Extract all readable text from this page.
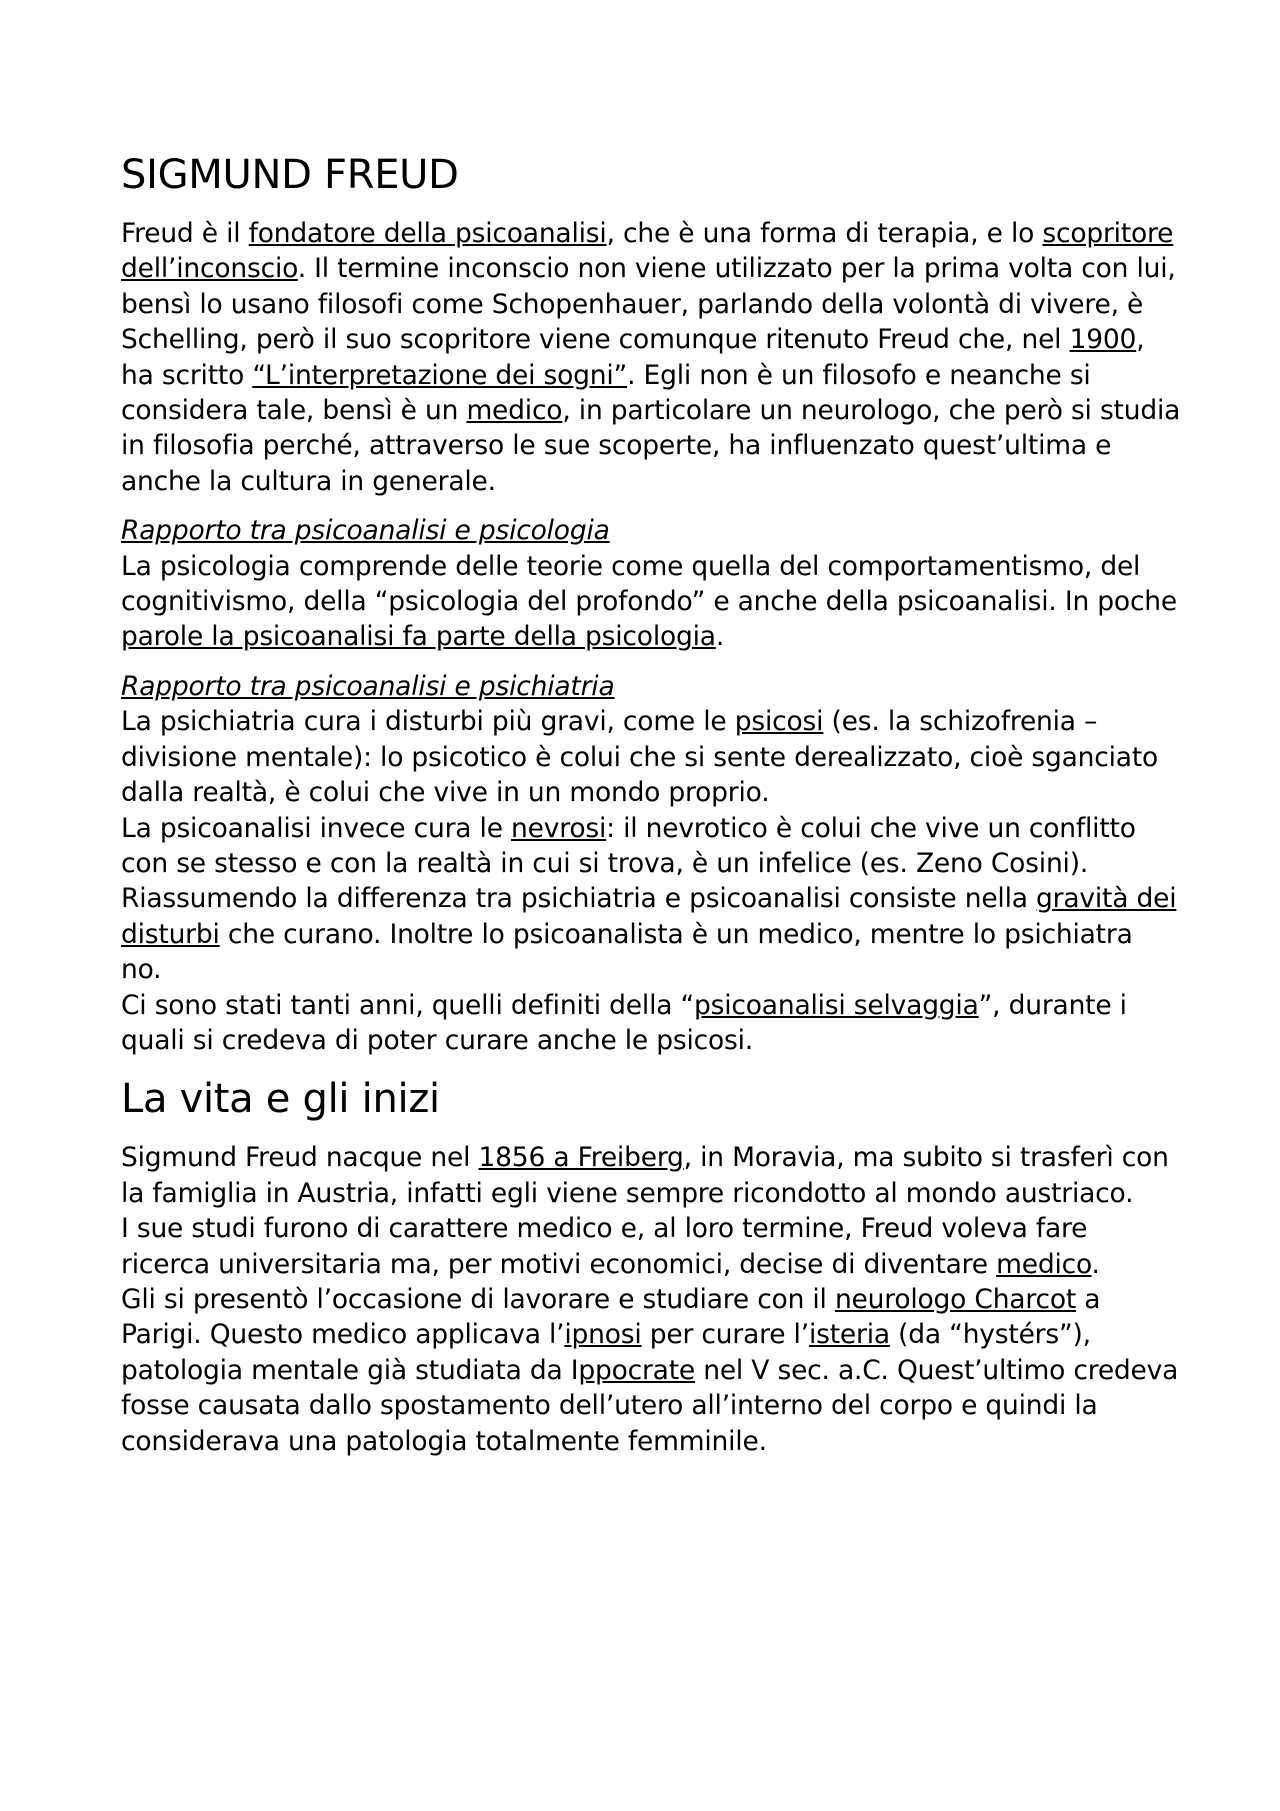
SIGMUND FREUD

Freud è il fondatore della psicoanalisi, che è una forma di terapia, e lo scopritore dell’inconscio. Il termine inconscio non viene utilizzato per la prima volta con lui, bensì lo usano filosofi come Schopenhauer, parlando della volontà di vivere, è Schelling, però il suo scopritore viene comunque ritenuto Freud che, nel 1900, ha scritto “L’interpretazione dei sogni”. Egli non è un filosofo e neanche si considera tale, bensì è un medico, in particolare un neurologo, che però si studia in filosofia perché, attraverso le sue scoperte, ha influenzato quest’ultima e anche la cultura in generale.

Rapporto tra psicoanalisi e psicologia

La psicologia comprende delle teorie come quella del comportamentismo, del cognitivismo, della “psicologia del profondo” e anche della psicoanalisi. In poche parole la psicoanalisi fa parte della psicologia.

Rapporto tra psicoanalisi e psichiatria

La psichiatria cura i disturbi più gravi, come le psicosi (es. la schizofrenia – divisione mentale): lo psicotico è colui che si sente derealizzato, cioè sganciato dalla realtà, è colui che vive in un mondo proprio.

La psicoanalisi invece cura le nevrosi: il nevrotico è colui che vive un conflitto con se stesso e con la realtà in cui si trova, è un infelice (es. Zeno Cosini).

Riassumendo la differenza tra psichiatria e psicoanalisi consiste nella gravità dei disturbi che curano. Inoltre lo psicoanalista è un medico, mentre lo psichiatra no.

Ci sono stati tanti anni, quelli definiti della “psicoanalisi selvaggia”, durante i quali si credeva di poter curare anche le psicosi.

La vita e gli inizi

Sigmund Freud nacque nel 1856 a Freiberg, in Moravia, ma subito si trasferì con la famiglia in Austria, infatti egli viene sempre ricondotto al mondo austriaco.

I sue studi furono di carattere medico e, al loro termine, Freud voleva fare ricerca universitaria ma, per motivi economici, decise di diventare medico.

Gli si presentò l’occasione di lavorare e studiare con il neurologo Charcot a Parigi. Questo medico applicava l’ipnosi per curare l’isteria (da “hystérs”), patologia mentale già studiata da Ippocrate nel V sec. a.C. Quest’ultimo credeva fosse causata dallo spostamento dell’utero all’interno del corpo e quindi la considerava una patologia totalmente femminile.
